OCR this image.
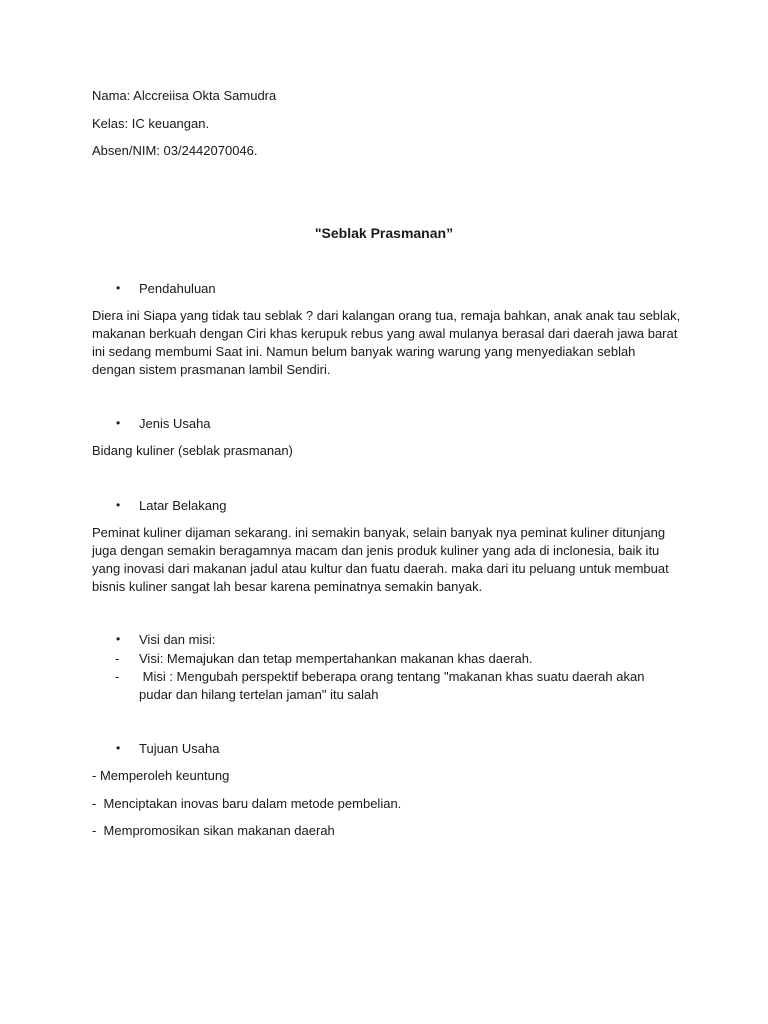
Nama: Alccreiisa Okta Samudra
Kelas: IC keuangan.
Absen/NIM: 03/2442070046.
"Seblak Prasmanan”
• Pendahuluan
Diera ini Siapa yang tidak tau seblak ? dari kalangan orang tua, remaja bahkan, anak anak tau seblak,
makanan berkuah dengan Ciri khas kerupuk rebus yang awal mulanya berasal dari daerah jawa barat
ini sedang membumi Saat ini. Namun belum banyak waring warung yang menyediakan seblah
dengan sistem prasmanan lambil Sendiri.
• Jenis Usaha
Bidang kuliner (seblak prasmanan)
• Latar Belakang
Peminat kuliner dijaman sekarang. ini semakin banyak, selain banyak nya peminat kuliner ditunjang
juga dengan semakin beragamnya macam dan jenis produk kuliner yang ada di inclonesia, baik itu
yang inovasi dari makanan jadul atau kultur dan fuatu daerah. maka dari itu peluang untuk membuat
bisnis kuliner sangat lah besar karena peminatnya semakin banyak.
• Visi dan misi:
- Visi: Memajukan dan tetap mempertahankan makanan khas daerah.
- Misi : Mengubah perspektif beberapa orang tentang "makanan khas suatu daerah akan
pudar dan hilang tertelan jaman" itu salah
• Tujuan Usaha
- Memperoleh keuntung
-  Menciptakan inovas baru dalam metode pembelian.
-  Mempromosikan sikan makanan daerah
